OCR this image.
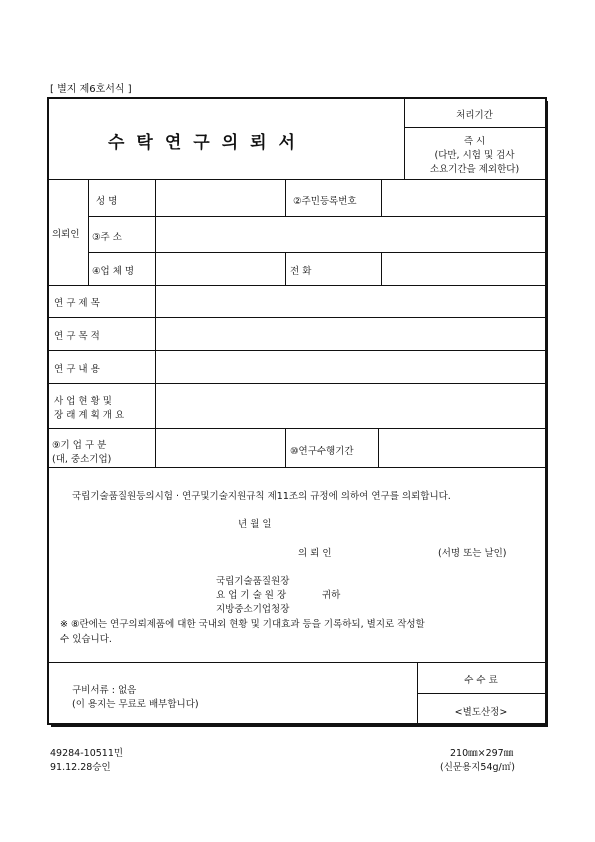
[ 별지 제6호서식 ]
수탁연구의뢰서
처리기간
즉 시
(다만, 시험 및 검사
소요기간을 제외한다)
의뢰인
성 명	②주민등록번호
③주 소
④업 체 명	전 화
연 구 제 목
연 구 목 적
연 구 내 용
사 업 현 황 및
장 래 계 획 개 요
⑨기 업 구 분
(대, 중소기업)
⑩연구수행기간
국립기술품질원등의시험 · 연구및기술지원규칙 제11조의 규정에 의하여 연구를 의뢰합니다.
년 월 일
의 뢰 인	(서명 또는 날인)
국립기술품질원장
요 업 기 술 원 장	귀하
지방중소기업청장
※ ⑧란에는 연구의뢰제품에 대한 국내외 현황 및 기대효과 등을 기록하되, 별지로 작성할
수 있습니다.
구비서류 : 없음
(이 용지는 무료로 배부합니다)
수 수 료
<별도산정>
49284-10511민
91.12.28승인
210㎜×297㎜
(신문용지54g/㎡)
